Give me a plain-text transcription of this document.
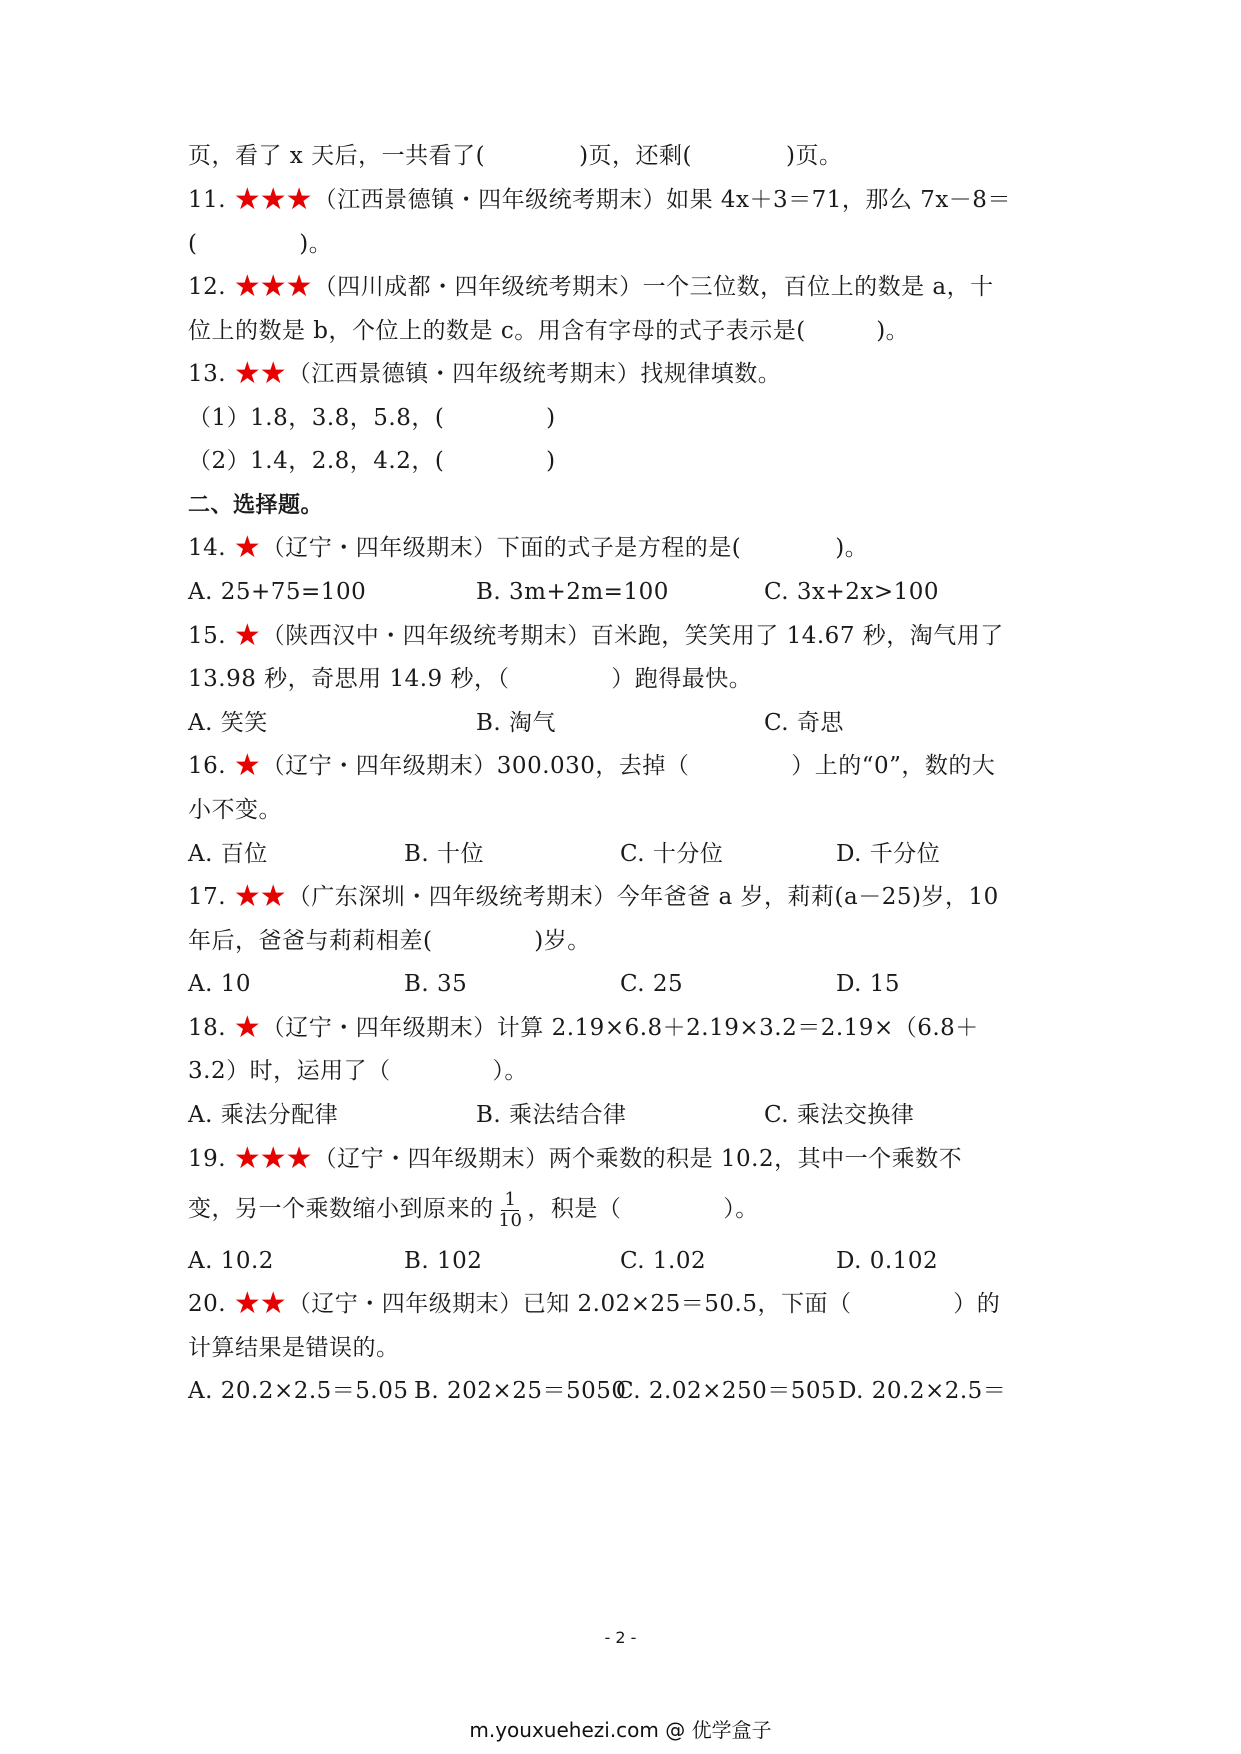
页，看了 x 天后，一共看了(　　　　)页，还剩(　　　　)页。
11. ★★★（江西景德镇・四年级统考期末）如果 4x＋3＝71，那么 7x－8＝
(　　　　 )。
12. ★★★（四川成都・四年级统考期末）一个三位数，百位上的数是 a，十
位上的数是 b，个位上的数是 c。用含有字母的式子表示是(　　　)。
13. ★★（江西景德镇・四年级统考期末）找规律填数。
（1）1.8，3.8，5.8，(　　　　 )
（2）1.4，2.8，4.2，(　　　　 )
二、选择题。
14. ★（辽宁・四年级期末）下面的式子是方程的是(　　　　)。
A. 25+75=100	B. 3m+2m=100	C. 3x+2x>100
15. ★（陕西汉中・四年级统考期末）百米跑，笑笑用了 14.67 秒，淘气用了
13.98 秒，奇思用 14.9 秒，（　　　　 ）跑得最快。
A. 笑笑	B. 淘气	C. 奇思
16. ★（辽宁・四年级期末）300.030，去掉（　　　　 ）上的“0”，数的大
小不变。
A. 百位	B. 十位	C. 十分位	D. 千分位
17. ★★（广东深圳・四年级统考期末）今年爸爸 a 岁，莉莉(a－25)岁，10
年后，爸爸与莉莉相差(　　　　 )岁。
A. 10	B. 35	C. 25	D. 15
18. ★（辽宁・四年级期末）计算 2.19×6.8＋2.19×3.2＝2.19×（6.8＋
3.2）时，运用了（　　　　 ）。
A. 乘法分配律	B. 乘法结合律	C. 乘法交换律
19. ★★★（辽宁・四年级期末）两个乘数的积是 10.2，其中一个乘数不
变，另一个乘数缩小到原来的 $\frac{1}{10}$ ，积是（　　　　 ）。
A. 10.2	B. 102	C. 1.02	D. 0.102
20. ★★（辽宁・四年级期末）已知 2.02×25＝50.5，下面（　　　　 ）的
计算结果是错误的。
A. 20.2×2.5＝5.05 B. 202×25＝5050
C. 2.02×250＝505 D. 20.2×2.5＝
- 2 -
m.youxuehezi.com @ 优学盒子
